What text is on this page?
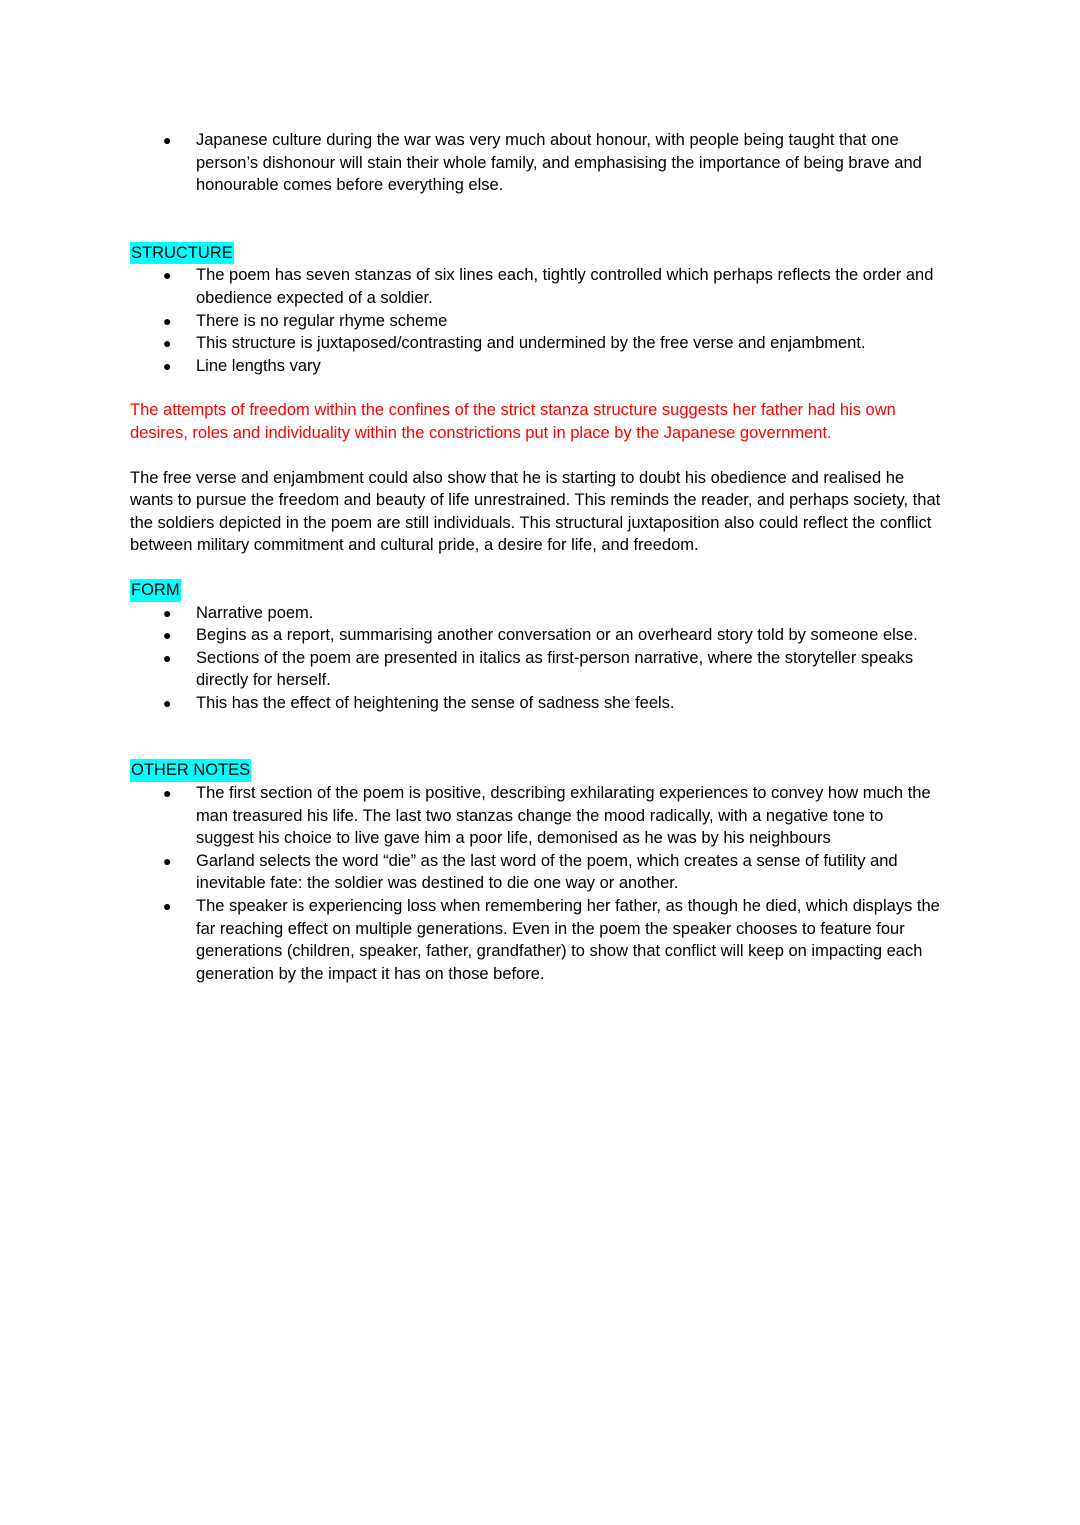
● Japanese culture during the war was very much about honour, with people being taught that one person’s dishonour will stain their whole family, and emphasising the importance of being brave and honourable comes before everything else.
STRUCTURE
● The poem has seven stanzas of six lines each, tightly controlled which perhaps reflects the order and obedience expected of a soldier.
● There is no regular rhyme scheme
● This structure is juxtaposed/contrasting and undermined by the free verse and enjambment.
● Line lengths vary

The attempts of freedom within the confines of the strict stanza structure suggests her father had his own desires, roles and individuality within the constrictions put in place by the Japanese government.

The free verse and enjambment could also show that he is starting to doubt his obedience and realised he wants to pursue the freedom and beauty of life unrestrained. This reminds the reader, and perhaps society, that the soldiers depicted in the poem are still individuals. This structural juxtaposition also could reflect the conflict between military commitment and cultural pride, a desire for life, and freedom.

FORM
● Narrative poem.
● Begins as a report, summarising another conversation or an overheard story told by someone else.
● Sections of the poem are presented in italics as first-person narrative, where the storyteller speaks directly for herself.
● This has the effect of heightening the sense of sadness she feels.
OTHER NOTES
● The first section of the poem is positive, describing exhilarating experiences to convey how much the man treasured his life. The last two stanzas change the mood radically, with a negative tone to suggest his choice to live gave him a poor life, demonised as he was by his neighbours
● Garland selects the word “die” as the last word of the poem, which creates a sense of futility and inevitable fate: the soldier was destined to die one way or another.
● The speaker is experiencing loss when remembering her father, as though he died, which displays the far reaching effect on multiple generations. Even in the poem the speaker chooses to feature four generations (children, speaker, father, grandfather) to show that conflict will keep on impacting each generation by the impact it has on those before.
